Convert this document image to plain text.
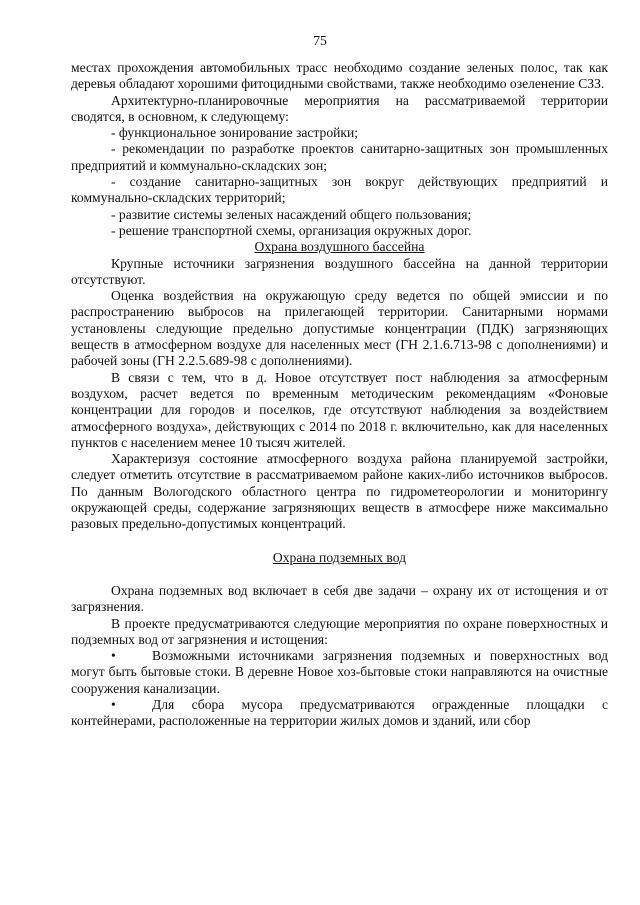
75

местах прохождения автомобильных трасс необходимо создание зеленых полос, так как деревья обладают хорошими фитоцидными свойствами, также необходимо озеленение СЗЗ.

Архитектурно-планировочные мероприятия на рассматриваемой территории сводятся, в основном, к следующему:

- функциональное зонирование застройки;

- рекомендации по разработке проектов санитарно-защитных зон промышленных предприятий и коммунально-складских зон;

- создание санитарно-защитных зон вокруг действующих предприятий и коммунально-складских территорий;

- развитие системы зеленых насаждений общего пользования;

- решение транспортной схемы, организация окружных дорог.

Охрана воздушного бассейна

Крупные источники загрязнения воздушного бассейна на данной территории отсутствуют.

Оценка воздействия на окружающую среду ведется по общей эмиссии и по распространению выбросов на прилегающей территории. Санитарными нормами установлены следующие предельно допустимые концентрации (ПДК) загрязняющих веществ в атмосферном воздухе для населенных мест (ГН 2.1.6.713-98 с дополнениями) и рабочей зоны (ГН 2.2.5.689-98 с дополнениями).

В связи с тем, что в д. Новое отсутствует пост наблюдения за атмосферным воздухом, расчет ведется по временным методическим рекомендациям «Фоновые концентрации для городов и поселков, где отсутствуют наблюдения за воздействием атмосферного воздуха», действующих с 2014 по 2018 г. включительно, как для населенных пунктов с населением менее 10 тысяч жителей.

Характеризуя состояние атмосферного воздуха района планируемой застройки, следует отметить отсутствие в рассматриваемом районе каких-либо источников выбросов. По данным Вологодского областного центра по гидрометеорологии и мониторингу окружающей среды, содержание загрязняющих веществ в атмосфере ниже максимально разовых предельно-допустимых концентраций.

Охрана подземных вод

Охрана подземных вод включает в себя две задачи – охрану их от истощения и от загрязнения.

В проекте предусматриваются следующие мероприятия по охране поверхностных и подземных вод от загрязнения и истощения:

•	Возможными источниками загрязнения подземных и поверхностных вод могут быть бытовые стоки. В деревне Новое хоз-бытовые стоки направляются на очистные сооружения канализации.

•	Для сбора мусора предусматриваются огражденные площадки с контейнерами, расположенные на территории жилых домов и зданий, или сбор
